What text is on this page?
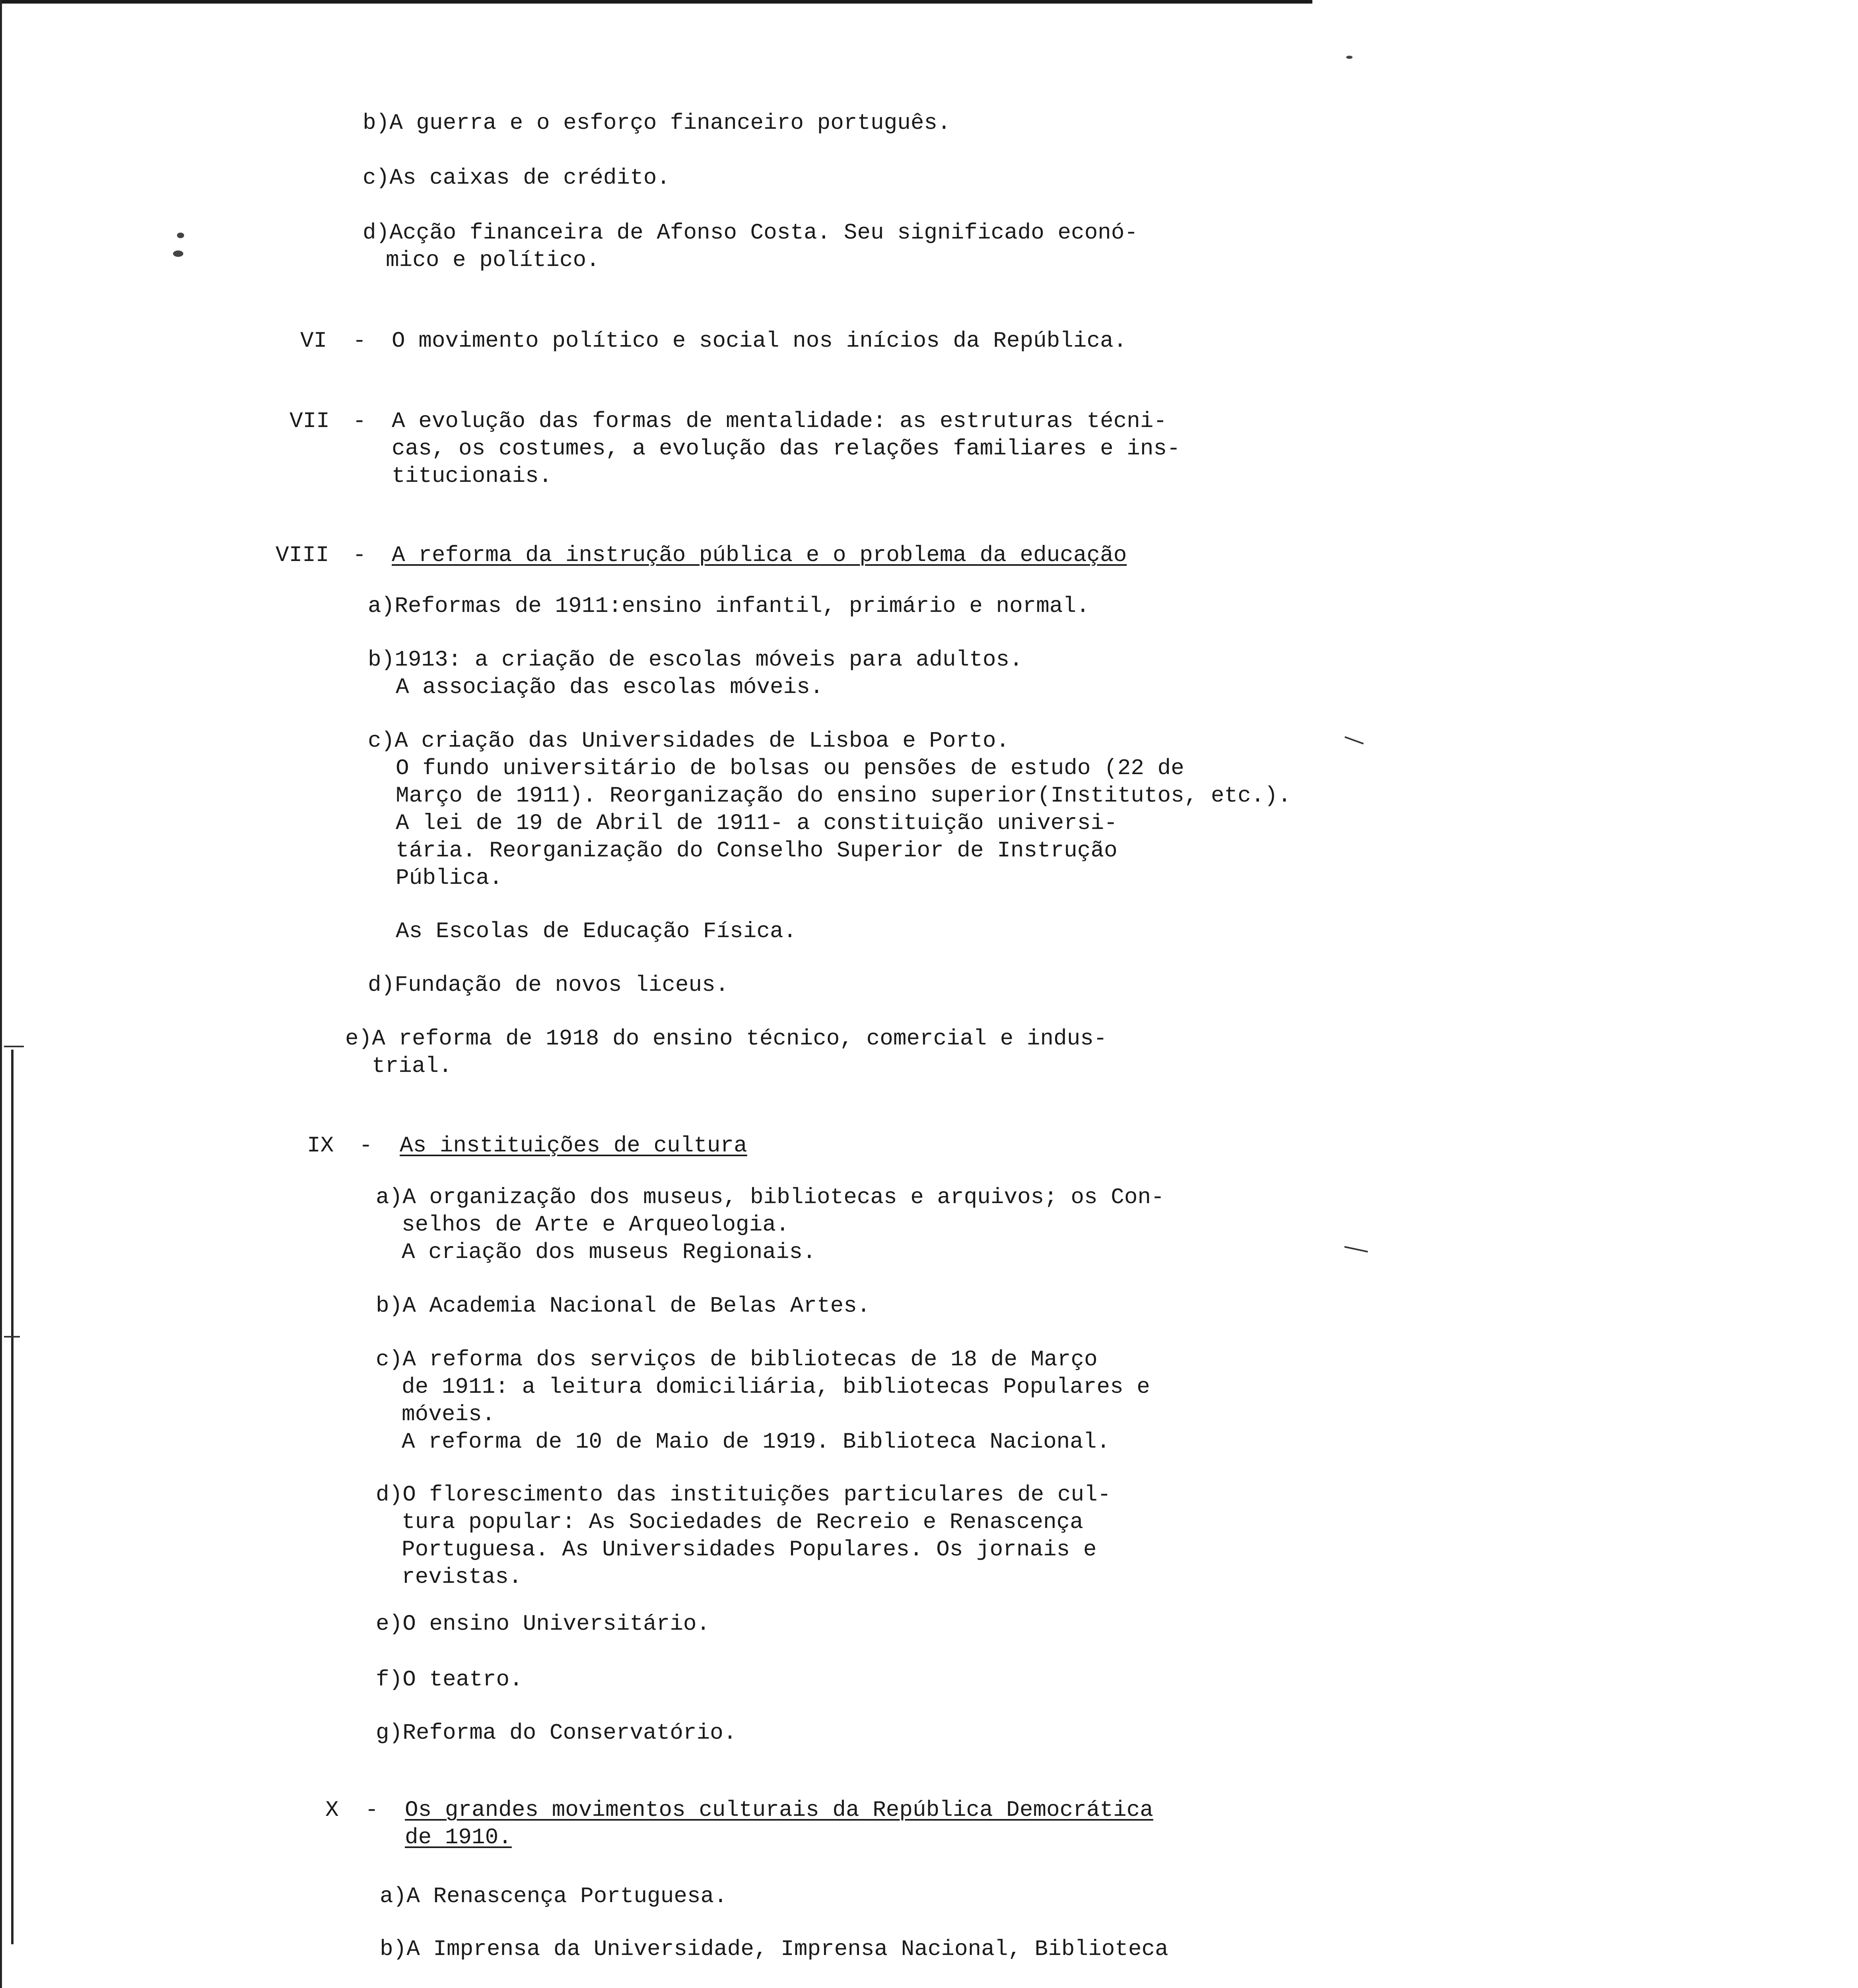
b)A guerra e o esforço financeiro português.
c)As caixas de crédito.
d)Acção financeira de Afonso Costa. Seu significado econó-
mico e político.
VI - O movimento político e social nos inícios da República.
VII - A evolução das formas de mentalidade: as estruturas técni-
cas, os costumes, a evolução das relações familiares e ins-
titucionais.
VIII - A reforma da instrução pública e o problema da educação
a)Reformas de 1911:ensino infantil, primário e normal.
b)1913: a criação de escolas móveis para adultos.
A associação das escolas móveis.
c)A criação das Universidades de Lisboa e Porto.
O fundo universitário de bolsas ou pensões de estudo (22 de
Março de 1911). Reorganização do ensino superior(Institutos, etc.).
A lei de 19 de Abril de 1911- a constituição universi-
tária. Reorganização do Conselho Superior de Instrução
Pública.
As Escolas de Educação Física.
d)Fundação de novos liceus.
e)A reforma de 1918 do ensino técnico, comercial e indus-
trial.
IX - As instituições de cultura
a)A organização dos museus, bibliotecas e arquivos; os Con-
selhos de Arte e Arqueologia.
A criação dos museus Regionais.
b)A Academia Nacional de Belas Artes.
c)A reforma dos serviços de bibliotecas de 18 de Março
de 1911: a leitura domiciliária, bibliotecas Populares e
móveis.
A reforma de 10 de Maio de 1919. Biblioteca Nacional.
d)O florescimento das instituições particulares de cul-
tura popular: As Sociedades de Recreio e Renascença
Portuguesa. As Universidades Populares. Os jornais e
revistas.
e)O ensino Universitário.
f)O teatro.
g)Reforma do Conservatório.
X - Os grandes movimentos culturais da República Democrática
de 1910.
a)A Renascença Portuguesa.
b)A Imprensa da Universidade, Imprensa Nacional, Biblioteca
